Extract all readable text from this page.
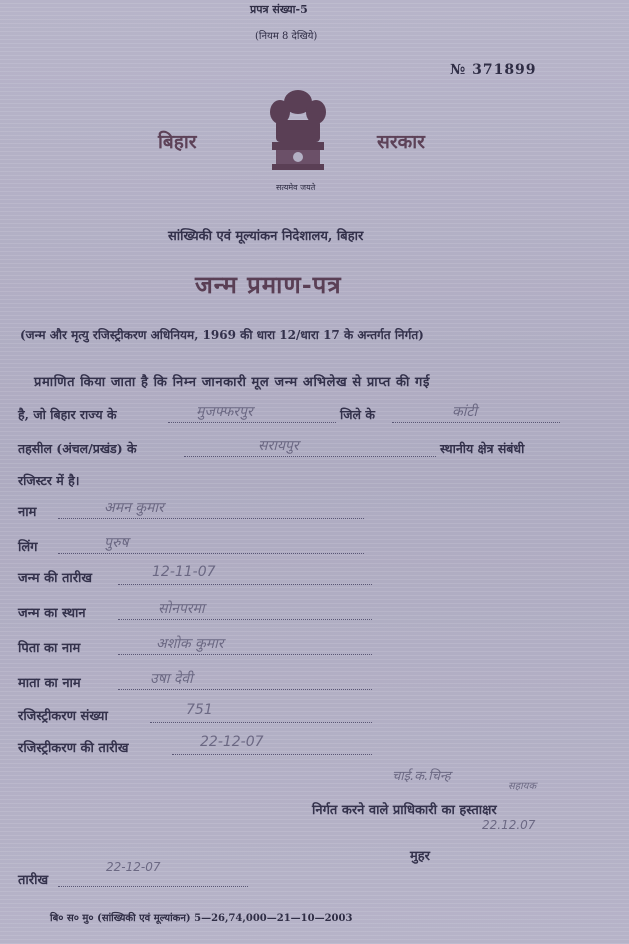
प्रपत्र संख्या-5
(नियम 8 देखिये)
№ 371899
सत्यमेव जयते
बिहार	सरकार
सांख्यिकी एवं मूल्यांकन निदेशालय, बिहार
जन्म प्रमाण-पत्र
(जन्म और मृत्यु रजिस्ट्रीकरण अधिनियम, 1969 की धारा 12/धारा 17 के अन्तर्गत निर्गत)
प्रमाणित किया जाता है कि निम्न जानकारी मूल जन्म अभिलेख से प्राप्त की गई
है, जो बिहार राज्य के	मुजफ्फरपुर	जिले के	कांटी
तहसील (अंचल/प्रखंड) के	सरायपुर	स्थानीय क्षेत्र संबंधी
रजिस्टर में है।
नाम	अमन कुमार
लिंग	पुरुष
जन्म की तारीख	12-11-07
जन्म का स्थान	सोनपरमा
पिता का नाम	अशोक कुमार
माता का नाम	उषा देवी
रजिस्ट्रीकरण संख्या	751
रजिस्ट्रीकरण की तारीख	22-12-07
चाई.क.चिन्ह
सहायक
निर्गत करने वाले प्राधिकारी का हस्ताक्षर
22.12.07
मुहर
तारीख
22-12-07
बि० स० मु० (सांख्यिकी एवं मूल्यांकन) 5—26,74,000—21—10—2003
